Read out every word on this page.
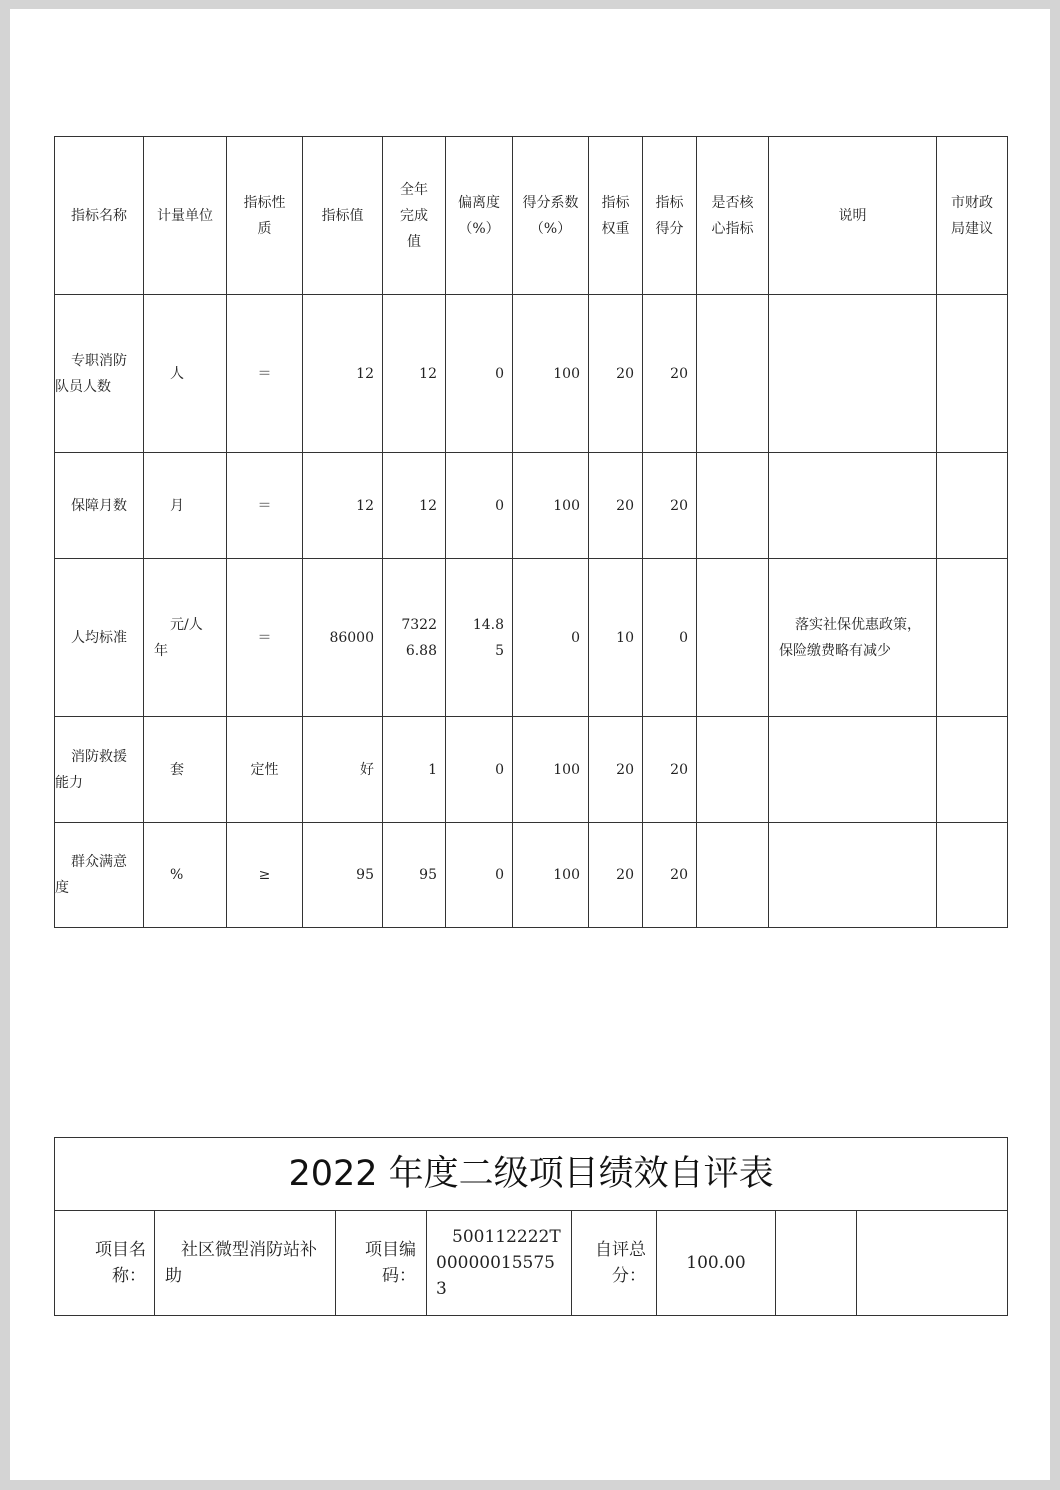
指标名称	计量单位	指标性质	指标值	全年完成值	偏离度（%）	得分系数（%）	指标权重	指标得分	是否核心指标	说明	市财政局建议
专职消防队员人数	人	＝	12	12	0	100	20	20			
保障月数	月	＝	12	12	0	100	20	20			
人均标准	元/人年	＝	86000	73226.88	14.85	0	10	0		落实社保优惠政策，保险缴费略有减少	
消防救援能力	套	定性	好	1	0	100	20	20			
群众满意度	%	≥	95	95	0	100	20	20			
2022 年度二级项目绩效自评表
项目名称：	社区微型消防站补助	项目编码：	500112222T000000155753	自评总分：	100.00		
